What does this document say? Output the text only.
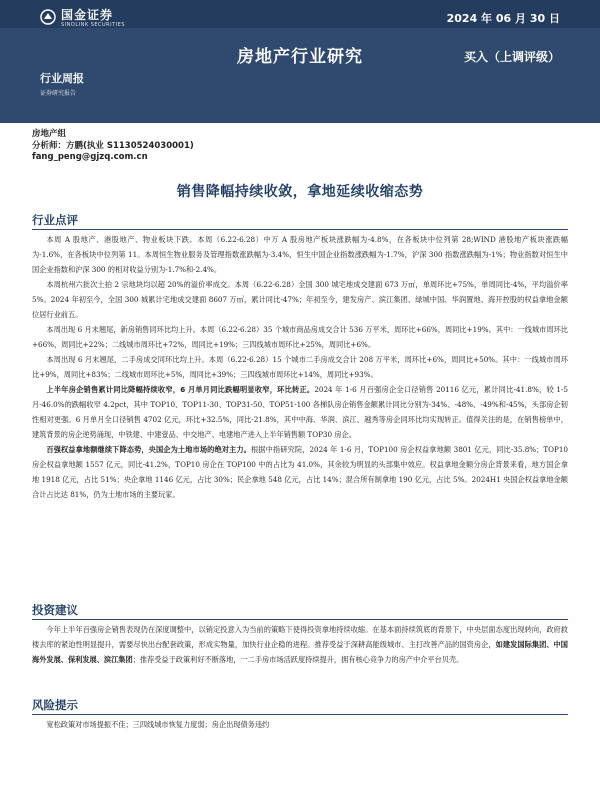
国金证券
SINOLINK SECURITIES	2024 年 06 月 30 日
房地产行业研究	买入（上调评级）
行业周报
证券研究报告
房地产组
分析师：方鹏(执业 S1130524030001)
fang_peng@gjzq.com.cn
销售降幅持续收敛，拿地延续收缩态势
行业点评

本周 A 股地产、港股地产、物业板块下跌。本周（6.22-6.28）中万 A 股房地产板块涨跌幅为-4.8%，在各板块中位列第 28;WIND 港股地产板块涨跌幅为-1.6%，在各板块中位列第 11。本周恒生物业服务及管理指数涨跌幅为-3.4%，恒生中国企业指数涨跌幅为-1.7%，沪深 300 指数涨跌幅为-1%；物业指数对恒生中国企业指数和沪深 300 的相对收益分别为-1.7%和-2.4%。

本周杭州六批次土拍 2 宗地块均以超 20%的溢价率成交。本周（6.22-6.28）全国 300 城宅地成交建面 673 万㎡，单周环比+75%，单周同比-4%，平均溢价率 5%。2024 年初至今，全国 300 城累计宅地成交建面 8607 万㎡，累计同比-47%；年初至今，建发房产、滨江集团、绿城中国、华润置地、海开控股的权益拿地金额位居行业前五。

本周出现 6 月末翘尾，新房销售同环比均上升。本周（6.22-6.28）35 个城市商品房成交合计 536 万平米，周环比+66%，周同比+19%。其中：一线城市周环比+66%，周同比+22%；二线城市周环比+72%，周同比+19%；三四线城市周环比+25%，周同比+6%。

本周出现 6 月末翘尾，二手房成交同环比均上升。本周（6.22-6.28）15 个城市二手房成交合计 208 万平米，周环比+6%，周同比+50%。其中：一线城市周环比+9%，周同比+83%；二线城市周环比+5%，周同比+39%；三四线城市周环比+14%，周同比+93%。

上半年房企销售累计同比降幅持续收窄，6 月单月同比跌幅明显收窄，环比转正。2024 年 1-6 月百强房企全口径销售 20116 亿元，累计同比-41.8%，较 1-5 月-46.0%的跌幅收窄 4.2pct，其中 TOP10、TOP11-30、TOP31-50、TOP51-100 各梯队房企销售金额累计同比分别为-34%、-48%、-49%和-45%，头部房企韧性相对更强。6 月单月全口径销售 4702 亿元，环比+32.5%，同比-21.8%，其中中海、华润、滨江、越秀等房企同环比均实现转正。值得关注的是，在销售榜单中，建筑背景的房企逆势涌现，中铁建、中建壹品、中交地产、电建地产进入上半年销售额 TOP30 房企。

百强权益拿地额继续下降态势，央国企为土地市场的绝对主力。根据中指研究院，2024 年 1-6 月，TOP100 房企权益拿地额 3801 亿元，同比-35.8%；TOP10 房企权益拿地额 1557 亿元，同比-41.2%，TOP10 房企在 TOP100 中的占比为 41.0%，其余较为明显的头部集中效应。权益拿地金额分房企背景来看，地方国企拿地 1918 亿元，占比 51%；央企拿地 1146 亿元，占比 30%；民企拿地 548 亿元，占比 14%；混合所有制拿地 190 亿元，占比 5%。2024H1 央国企权益拿地金额合计占比达 81%，仍为土地市场的主要玩家。

投资建议

今年上半年百强房企销售表现仍在深度调整中，以销定投意入为当前的策略下使得投资拿地持续收缩。在基本面持续筑底的背景下，中央层面态度出现转向，政府救楼去库的紧迫性明显提升，需要尽快出台配套政策，形成实物量，加快行业企稳的进程。推荐受益于深耕高能级城市、主打改善产品的国资房企，如建发国际集团、中国海外发展、保利发展、滨江集团；推荐受益于政策利好不断落地，一二手房市场活跃度持续提升，拥有核心竞争力的房产中介平台贝壳。

风险提示

宽松政策对市场提振不佳；三四线城市恢复力度弱；房企出现债务违约
